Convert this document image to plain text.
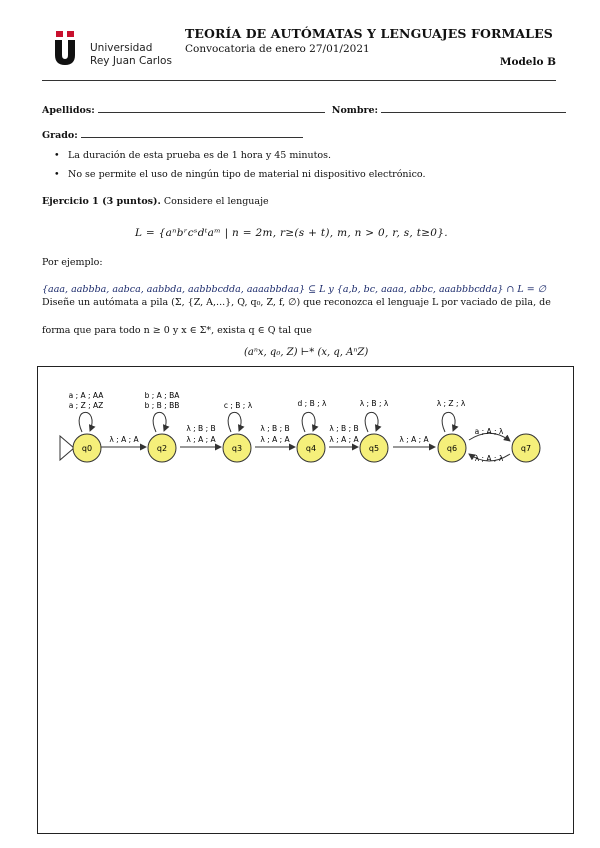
Universidad
Rey Juan Carlos
TEORÍA DE AUTÓMATAS Y LENGUAJES FORMALES
Convocatoria de enero 27/01/2021
Modelo B
Apellidos:	Nombre:
Grado:
• La duración de esta prueba es de 1 hora y 45 minutos.
• No se permite el uso de ningún tipo de material ni dispositivo electrónico.
Ejercicio 1 (3 puntos). Considere el lenguaje
L = {aⁿbʳcˢdᵗaᵐ | n = 2m, r≥(s + t), m, n > 0, r, s, t≥0}.
Por ejemplo:
{aaa, aabbba, aabca, aabbda, aabbbcdda, aaaabbdaa} ⊆ L y {a,b, bc, aaaa, abbc, aaabbbcdda} ∩ L = ∅
Diseñe un autómata a pila (Σ, {Z, A,...}, Q, q₀, Z, f, ∅) que reconozca el lenguaje L por vaciado de pila, de
forma que para todo n ≥ 0 y x ∈ Σ*, exista q ∈ Q tal que
(aⁿx, q₀, Z) ⊢* (x, q, AⁿZ)
q0	q2	q3	q4	q5	q6	q7
a ; A ; AA
a ; Z ; AZ
b ; A ; BA
b ; B ; BB	c ; B ; λ	d ; B ; λ	λ ; B ; λ	λ ; Z ; λ
λ ; A ; A
λ ; B ; B
λ ; A ; A
λ ; B ; B
λ ; A ; A
λ ; B ; B
λ ; A ; A	λ ; A ; A
a ; A ; λ
λ ; A ; λ
